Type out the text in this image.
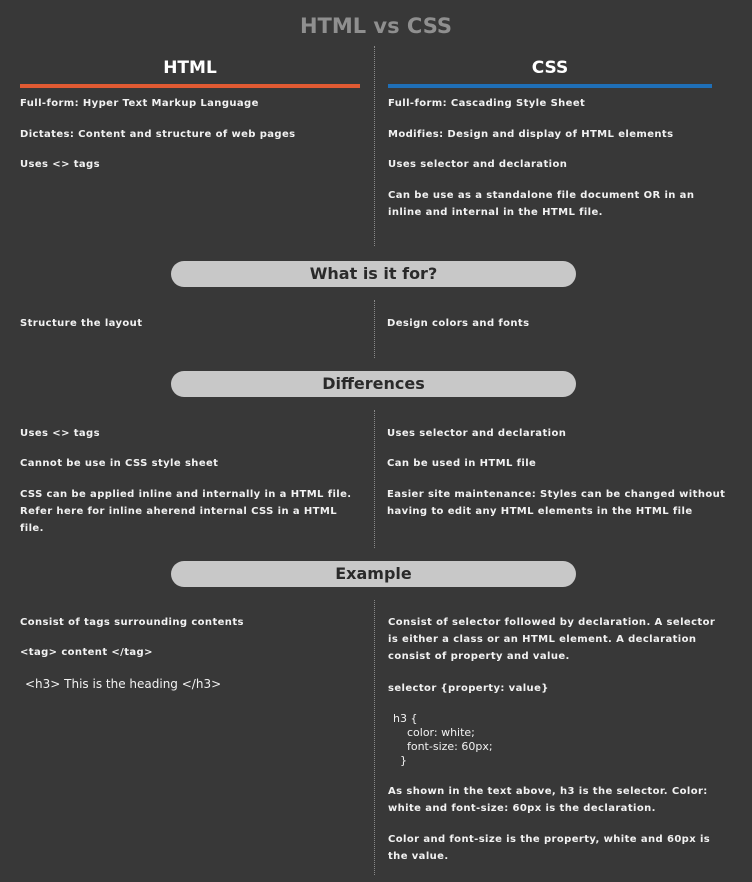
HTML vs CSS
HTML	CSS
Full-form: Hyper Text Markup Language
Dictates: Content and structure of web pages
Uses <> tags
Full-form: Cascading Style Sheet
Modifies: Design and display of HTML elements
Uses selector and declaration
Can be use as a standalone file document OR in an inline and internal in the HTML file.
What is it for?
Structure the layout	Design colors and fonts
Differences
Uses <> tags
Cannot be use in CSS style sheet
CSS can be applied inline and internally in a HTML file. Refer here for inline aherend internal CSS in a HTML file.
Uses selector and declaration
Can be used in HTML file
Easier site maintenance: Styles can be changed without having to edit any HTML elements in the HTML file
Example
Consist of tags surrounding contents
<tag> content </tag>
<h3> This is the heading </h3>
Consist of selector followed by declaration. A selector is either a class or an HTML element. A declaration consist of property and value.
selector {property: value}
h3 {
color: white;
font-size: 60px;
}
As shown in the text above, h3 is the selector. Color: white and font-size: 60px is the declaration.
Color and font-size is the property, white and 60px is the value.
